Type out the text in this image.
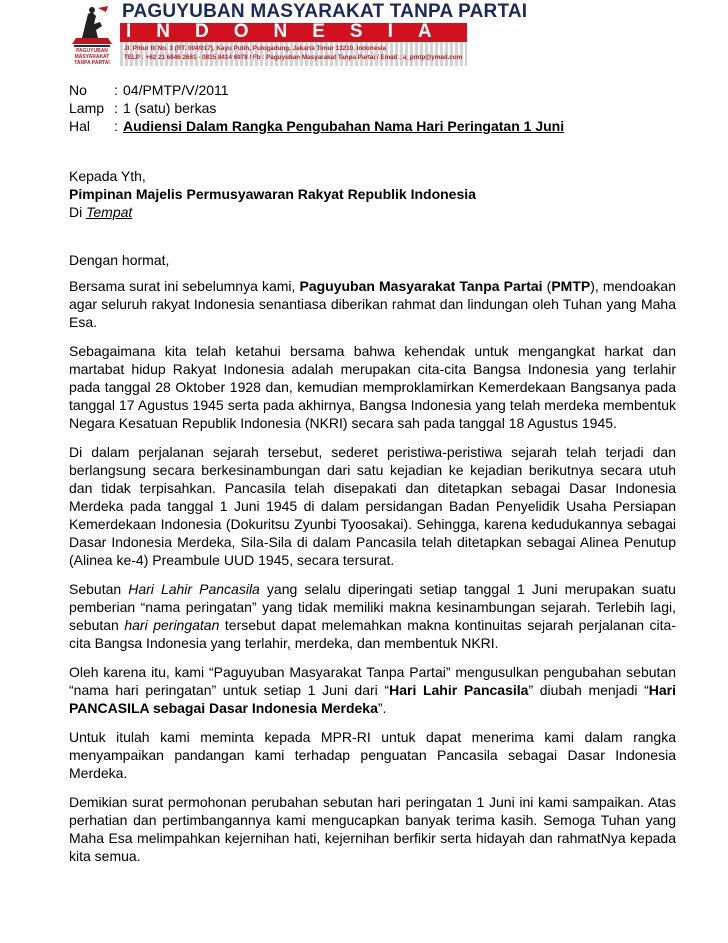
PAGUYUBAN MASYARAKAT TANPA PARTAI
PAGUYUBAN MASYARAKAT TANPA PARTAI
INDONESIA
Jl. Pltiur III No. 3 (RT. 004/017), Kayu Putih, Pulogadung, Jakarta Timur 13210, Indonesia
TELP : +62 21 6846 2661 - 0815 8414 6978 / Fb : Paguyuban Masyarakat Tanpa Partai / Email : a_pmtp@ymail.com
No	: 04/PMTP/V/2011
Lamp : 1 (satu) berkas
Hal	: Audiensi Dalam Rangka Pengubahan Nama Hari Peringatan 1 Juni
Kepada Yth,
Pimpinan Majelis Permusyawaran Rakyat Republik Indonesia
Di Tempat
Dengan hormat,

Bersama surat ini sebelumnya kami, Paguyuban Masyarakat Tanpa Partai (PMTP), mendoakan agar seluruh rakyat Indonesia senantiasa diberikan rahmat dan lindungan oleh Tuhan yang Maha Esa.

Sebagaimana kita telah ketahui bersama bahwa kehendak untuk mengangkat harkat dan martabat hidup Rakyat Indonesia adalah merupakan cita-cita Bangsa Indonesia yang terlahir pada tanggal 28 Oktober 1928 dan, kemudian memproklamirkan Kemerdekaan Bangsanya pada tanggal 17 Agustus 1945 serta pada akhirnya, Bangsa Indonesia yang telah merdeka membentuk Negara Kesatuan Republik Indonesia (NKRI) secara sah pada tanggal 18 Agustus 1945.

Di dalam perjalanan sejarah tersebut, sederet peristiwa-peristiwa sejarah telah terjadi dan berlangsung secara berkesinambungan dari satu kejadian ke kejadian berikutnya secara utuh dan tidak terpisahkan. Pancasila telah disepakati dan ditetapkan sebagai Dasar Indonesia Merdeka pada tanggal 1 Juni 1945 di dalam persidangan Badan Penyelidik Usaha Persiapan Kemerdekaan Indonesia (Dokuritsu Zyunbi Tyoosakai). Sehingga, karena kedudukannya sebagai Dasar Indonesia Merdeka, Sila-Sila di dalam Pancasila telah ditetapkan sebagai Alinea Penutup (Alinea ke-4) Preambule UUD 1945, secara tersurat.

Sebutan Hari Lahir Pancasila yang selalu diperingati setiap tanggal 1 Juni merupakan suatu pemberian “nama peringatan” yang tidak memiliki makna kesinambungan sejarah. Terlebih lagi, sebutan hari peringatan tersebut dapat melemahkan makna kontinuitas sejarah perjalanan cita-cita Bangsa Indonesia yang terlahir, merdeka, dan membentuk NKRI.

Oleh karena itu, kami “Paguyuban Masyarakat Tanpa Partai” mengusulkan pengubahan sebutan “nama hari peringatan” untuk setiap 1 Juni dari “Hari Lahir Pancasila” diubah menjadi “Hari PANCASILA sebagai Dasar Indonesia Merdeka”.

Untuk itulah kami meminta kepada MPR-RI untuk dapat menerima kami dalam rangka menyampaikan pandangan kami terhadap penguatan Pancasila sebagai Dasar Indonesia Merdeka.

Demikian surat permohonan perubahan sebutan hari peringatan 1 Juni ini kami sampaikan. Atas perhatian dan pertimbangannya kami mengucapkan banyak terima kasih. Semoga Tuhan yang Maha Esa melimpahkan kejernihan hati, kejernihan berfikir serta hidayah dan rahmatNya kepada kita semua.
